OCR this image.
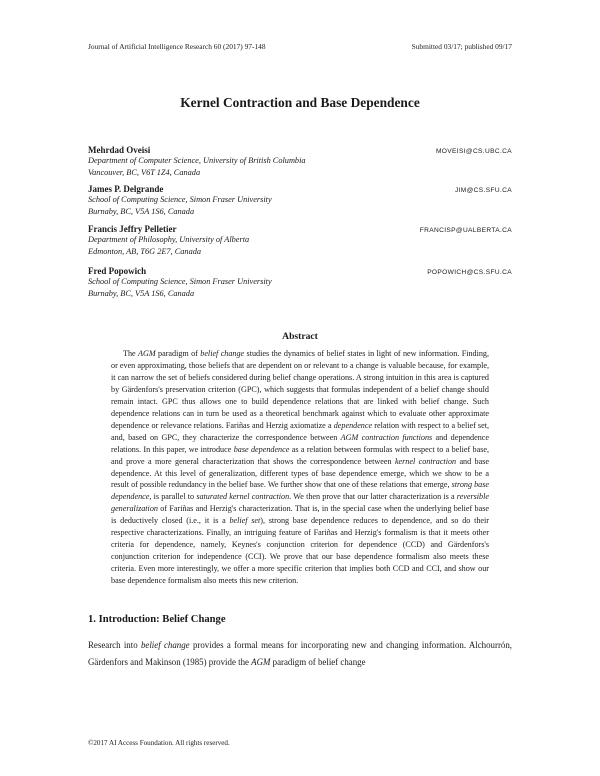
Journal of Artificial Intelligence Research 60 (2017) 97-148	Submitted 03/17; published 09/17
Kernel Contraction and Base Dependence
Mehrdad Oveisi	MOVEISI@CS.UBC.CA
Department of Computer Science, University of British Columbia
Vancouver, BC, V6T 1Z4, Canada
James P. Delgrande	JIM@CS.SFU.CA
School of Computing Science, Simon Fraser University
Burnaby, BC, V5A 1S6, Canada
Francis Jeffry Pelletier	FRANCISP@UALBERTA.CA
Department of Philosophy, University of Alberta
Edmonton, AB, T6G 2E7, Canada
Fred Popowich	POPOWICH@CS.SFU.CA
School of Computing Science, Simon Fraser University
Burnaby, BC, V5A 1S6, Canada
Abstract

The AGM paradigm of belief change studies the dynamics of belief states in light of new information. Finding, or even approximating, those beliefs that are dependent on or relevant to a change is valuable because, for example, it can narrow the set of beliefs considered during belief change operations. A strong intuition in this area is captured by Gärdenfors's preservation criterion (GPC), which suggests that formulas independent of a belief change should remain intact. GPC thus allows one to build dependence relations that are linked with belief change. Such dependence relations can in turn be used as a theoretical benchmark against which to evaluate other approximate dependence or relevance relations. Fariñas and Herzig axiomatize a dependence relation with respect to a belief set, and, based on GPC, they characterize the correspondence between AGM contraction functions and dependence relations. In this paper, we introduce base dependence as a relation between formulas with respect to a belief base, and prove a more general characterization that shows the correspondence between kernel contraction and base dependence. At this level of generalization, different types of base dependence emerge, which we show to be a result of possible redundancy in the belief base. We further show that one of these relations that emerge, strong base dependence, is parallel to saturated kernel contraction. We then prove that our latter characterization is a reversible generalization of Fariñas and Herzig's characterization. That is, in the special case when the underlying belief base is deductively closed (i.e., it is a belief set), strong base dependence reduces to dependence, and so do their respective characterizations. Finally, an intriguing feature of Fariñas and Herzig's formalism is that it meets other criteria for dependence, namely, Keynes's conjunction criterion for dependence (CCD) and Gärdenfors's conjunction criterion for independence (CCI). We prove that our base dependence formalism also meets these criteria. Even more interestingly, we offer a more specific criterion that implies both CCD and CCI, and show our base dependence formalism also meets this new criterion.

1. Introduction: Belief Change

Research into belief change provides a formal means for incorporating new and changing information. Alchourrón, Gärdenfors and Makinson (1985) provide the AGM paradigm of belief change

©2017 AI Access Foundation. All rights reserved.
